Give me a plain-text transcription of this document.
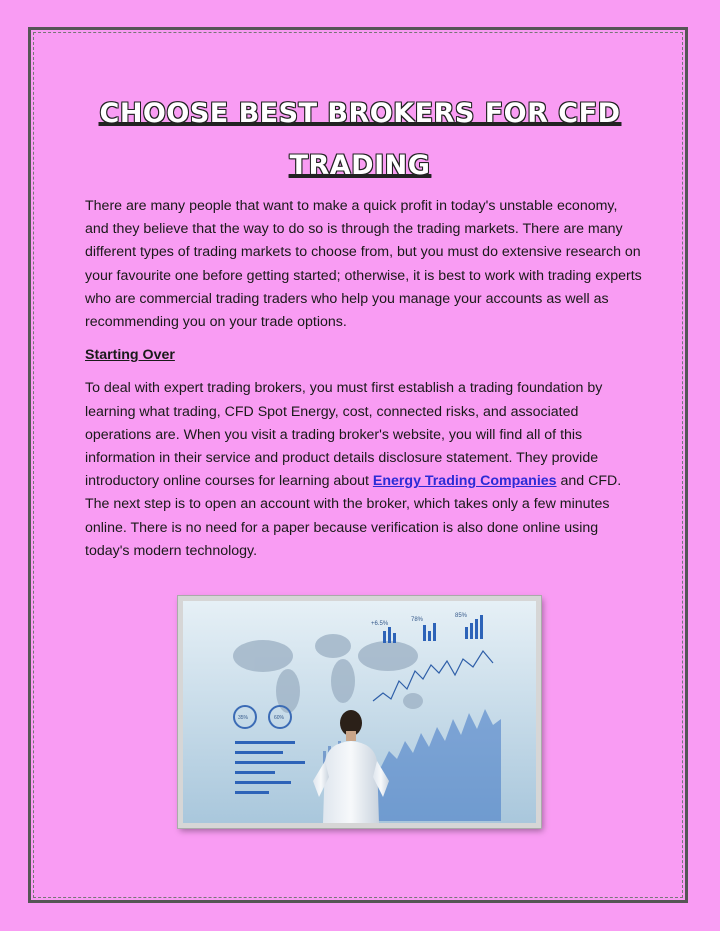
CHOOSE BEST BROKERS FOR CFD TRADING

There are many people that want to make a quick profit in today's unstable economy, and they believe that the way to do so is through the trading markets. There are many different types of trading markets to choose from, but you must do extensive research on your favourite one before getting started; otherwise, it is best to work with trading experts who are commercial trading traders who help you manage your accounts as well as recommending you on your trade options.

Starting Over

To deal with expert trading brokers, you must first establish a trading foundation by learning what trading, CFD Spot Energy, cost, connected risks, and associated operations are. When you visit a trading broker's website, you will find all of this information in their service and product details disclosure statement. They provide introductory online courses for learning about Energy Trading Companies and CFD. The next step is to open an account with the broker, which takes only a few minutes online. There is no need for a paper because verification is also done online using today's modern technology.

+6.5%
78%
85%
35%	60%
